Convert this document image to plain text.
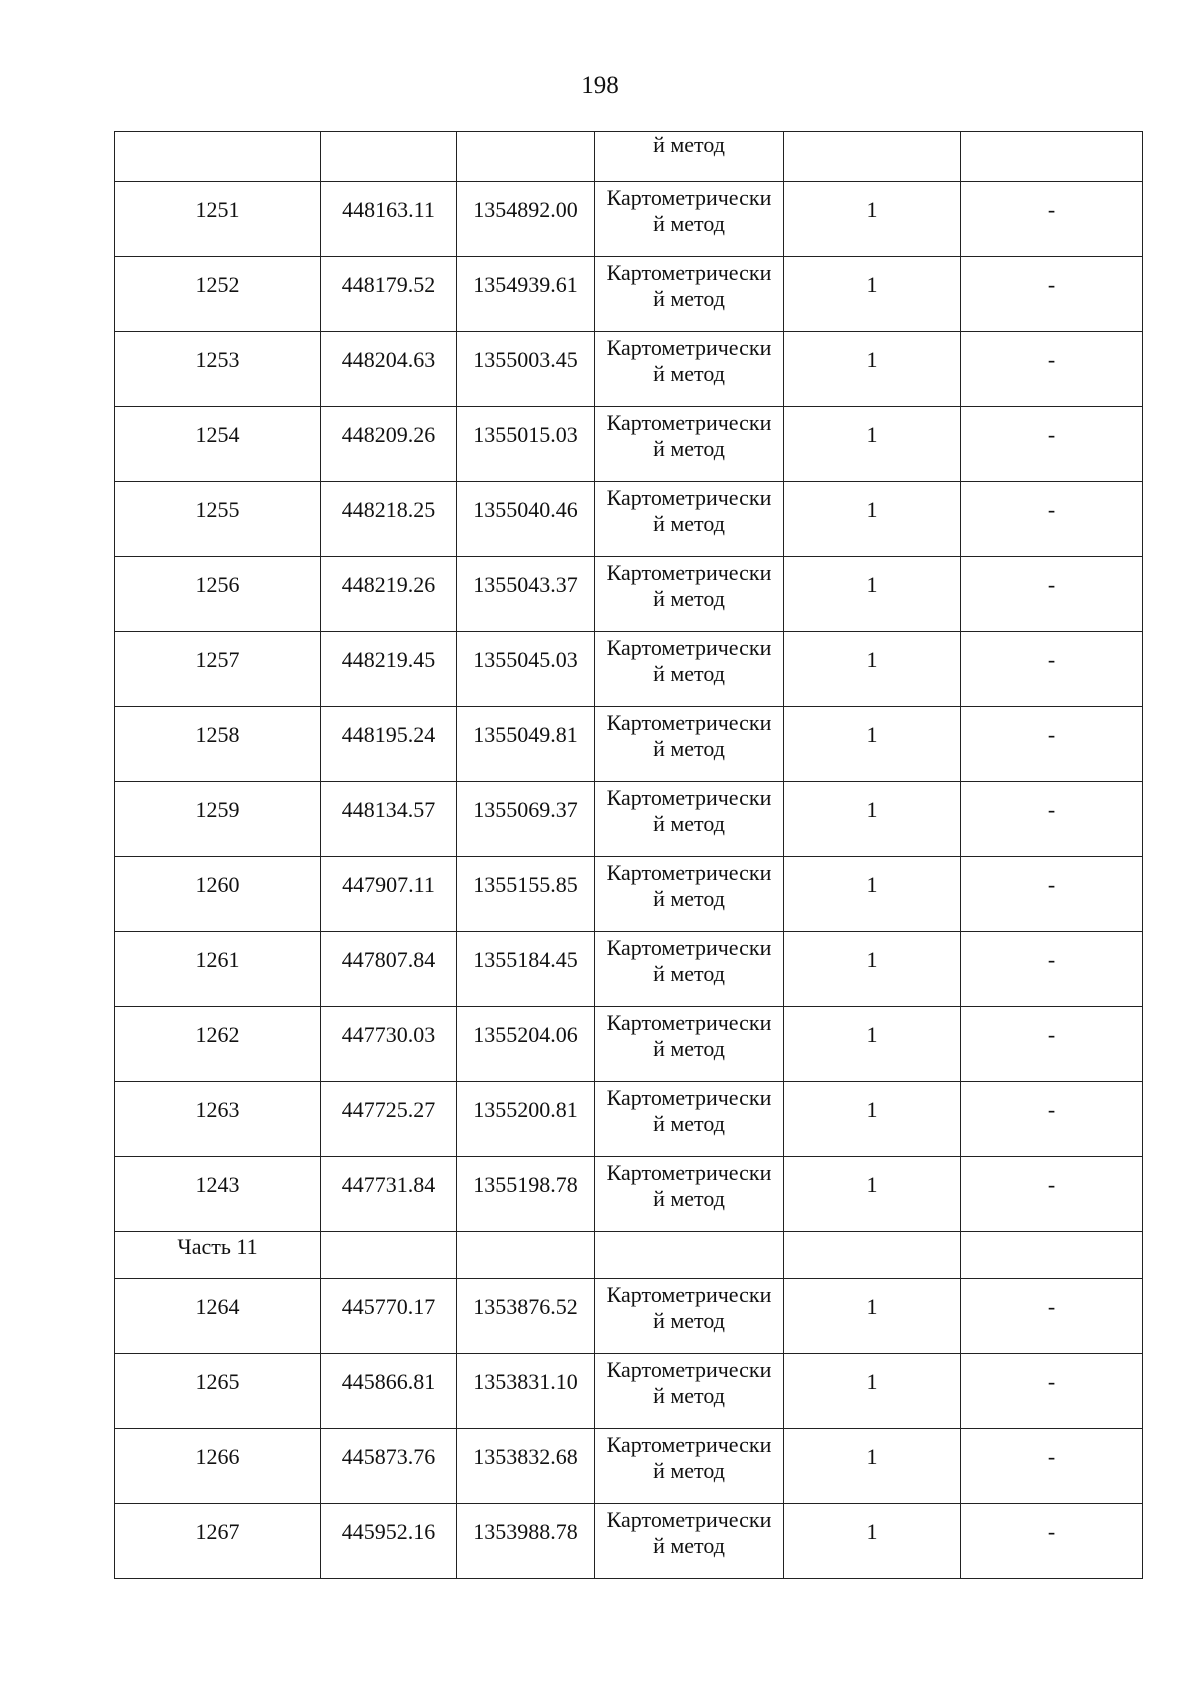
198

			й метод		

1251	448163.11	1354892.00	Картометрически
й метод	1	-
1252	448179.52	1354939.61	Картометрически
й метод	1	-
1253	448204.63	1355003.45	Картометрически
й метод	1	-
1254	448209.26	1355015.03	Картометрически
й метод	1	-
1255	448218.25	1355040.46	Картометрически
й метод	1	-
1256	448219.26	1355043.37	Картометрически
й метод	1	-
1257	448219.45	1355045.03	Картометрически
й метод	1	-
1258	448195.24	1355049.81	Картометрически
й метод	1	-
1259	448134.57	1355069.37	Картометрически
й метод	1	-
1260	447907.11	1355155.85	Картометрически
й метод	1	-
1261	447807.84	1355184.45	Картометрически
й метод	1	-
1262	447730.03	1355204.06	Картометрически
й метод	1	-
1263	447725.27	1355200.81	Картометрически
й метод	1	-
1243	447731.84	1355198.78	Картометрически
й метод	1	-
Часть 11					
1264	445770.17	1353876.52	Картометрически
й метод	1	-
1265	445866.81	1353831.10	Картометрически
й метод	1	-
1266	445873.76	1353832.68	Картометрически
й метод	1	-
1267	445952.16	1353988.78	Картометрически
й метод	1	-
